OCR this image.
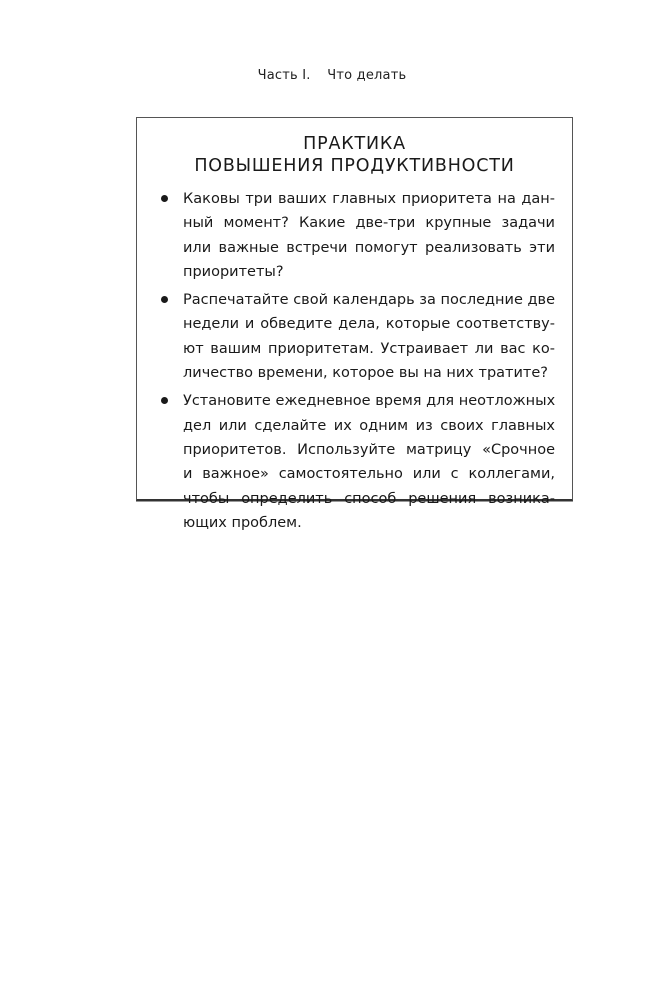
Часть I. Что делать
ПРАКТИКА
ПОВЫШЕНИЯ ПРОДУКТИВНОСТИ
Каковы три ваших главных приоритета на дан-
ный момент? Какие две-три крупные задачи
или важные встречи помогут реализовать эти
приоритеты?
Распечатайте свой календарь за последние две
недели и обведите дела, которые соответству-
ют вашим приоритетам. Устраивает ли вас ко-
личество времени, которое вы на них тратите?
Установите ежедневное время для неотложных
дел или сделайте их одним из своих главных
приоритетов. Используйте матрицу «Срочное
и важное» самостоятельно или с коллегами,
чтобы определить способ решения возника-
ющих проблем.
